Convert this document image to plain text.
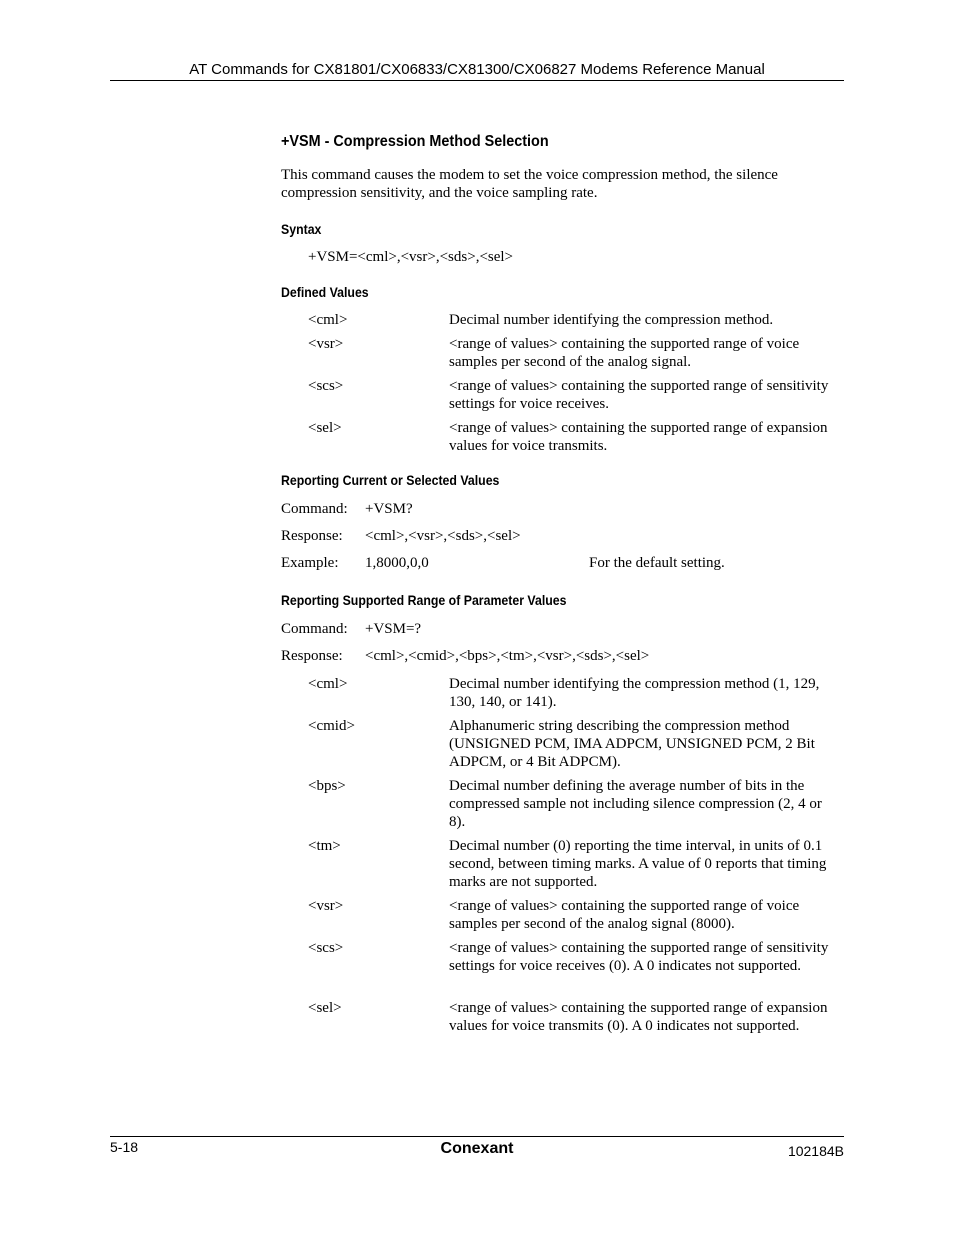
AT Commands for CX81801/CX06833/CX81300/CX06827 Modems Reference Manual
+VSM - Compression Method Selection
This command causes the modem to set the voice compression method, the silence compression sensitivity, and the voice sampling rate.
Syntax
+VSM=<cml>,<vsr>,<sds>,<sel>
Defined Values
<cml>	Decimal number identifying the compression method.
<vsr>	<range of values> containing the supported range of voice samples per second of the analog signal.
<scs>	<range of values> containing the supported range of sensitivity settings for voice receives.
<sel>	<range of values> containing the supported range of expansion values for voice transmits.
Reporting Current or Selected Values
Command: +VSM?
Response: <cml>,<vsr>,<sds>,<sel>
Example: 1,8000,0,0	For the default setting.
Reporting Supported Range of Parameter Values
Command: +VSM=?
Response: <cml>,<cmid>,<bps>,<tm>,<vsr>,<sds>,<sel>
<cml>	Decimal number identifying the compression method (1, 129, 130, 140, or 141).
<cmid>	Alphanumeric string describing the compression method (UNSIGNED PCM, IMA ADPCM, UNSIGNED PCM, 2 Bit ADPCM, or 4 Bit ADPCM).
<bps>	Decimal number defining the average number of bits in the compressed sample not including silence compression (2, 4 or 8).
<tm>	Decimal number (0) reporting the time interval, in units of 0.1 second, between timing marks. A value of 0 reports that timing marks are not supported.
<vsr>	<range of values> containing the supported range of voice samples per second of the analog signal (8000).
<scs>	<range of values> containing the supported range of sensitivity settings for voice receives (0). A 0 indicates not supported.
<sel>	<range of values> containing the supported range of expansion values for voice transmits (0). A 0 indicates not supported.
5-18	Conexant	102184B
